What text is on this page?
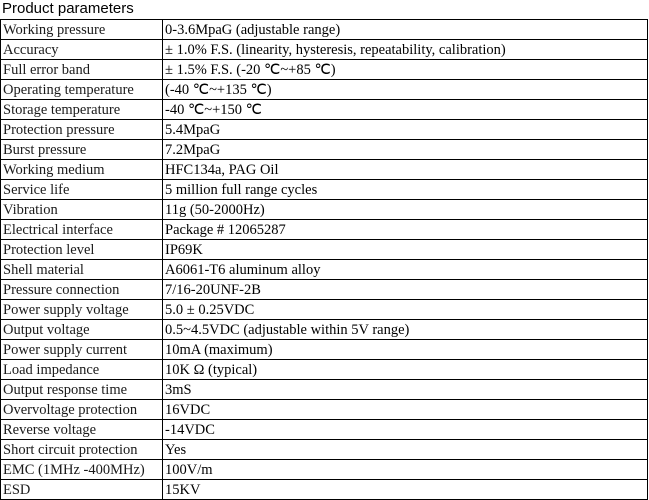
Product parameters
Working pressure	0-3.6MpaG (adjustable range)
Accuracy	± 1.0% F.S. (linearity, hysteresis, repeatability, calibration)
Full error band	± 1.5% F.S. (-20 ℃~+85 ℃)
Operating temperature	(-40 ℃~+135 ℃)
Storage temperature	-40 ℃~+150 ℃
Protection pressure	5.4MpaG
Burst pressure	7.2MpaG
Working medium	HFC134a, PAG Oil
Service life	5 million full range cycles
Vibration	11g (50-2000Hz)
Electrical interface	Package # 12065287
Protection level	IP69K
Shell material	A6061-T6 aluminum alloy
Pressure connection	7/16-20UNF-2B
Power supply voltage	5.0 ± 0.25VDC
Output voltage	0.5~4.5VDC (adjustable within 5V range)
Power supply current	10mA (maximum)
Load impedance	10K Ω (typical)
Output response time	3mS
Overvoltage protection	16VDC
Reverse voltage	-14VDC
Short circuit protection	Yes
EMC (1MHz -400MHz)	100V/m
ESD	15KV
